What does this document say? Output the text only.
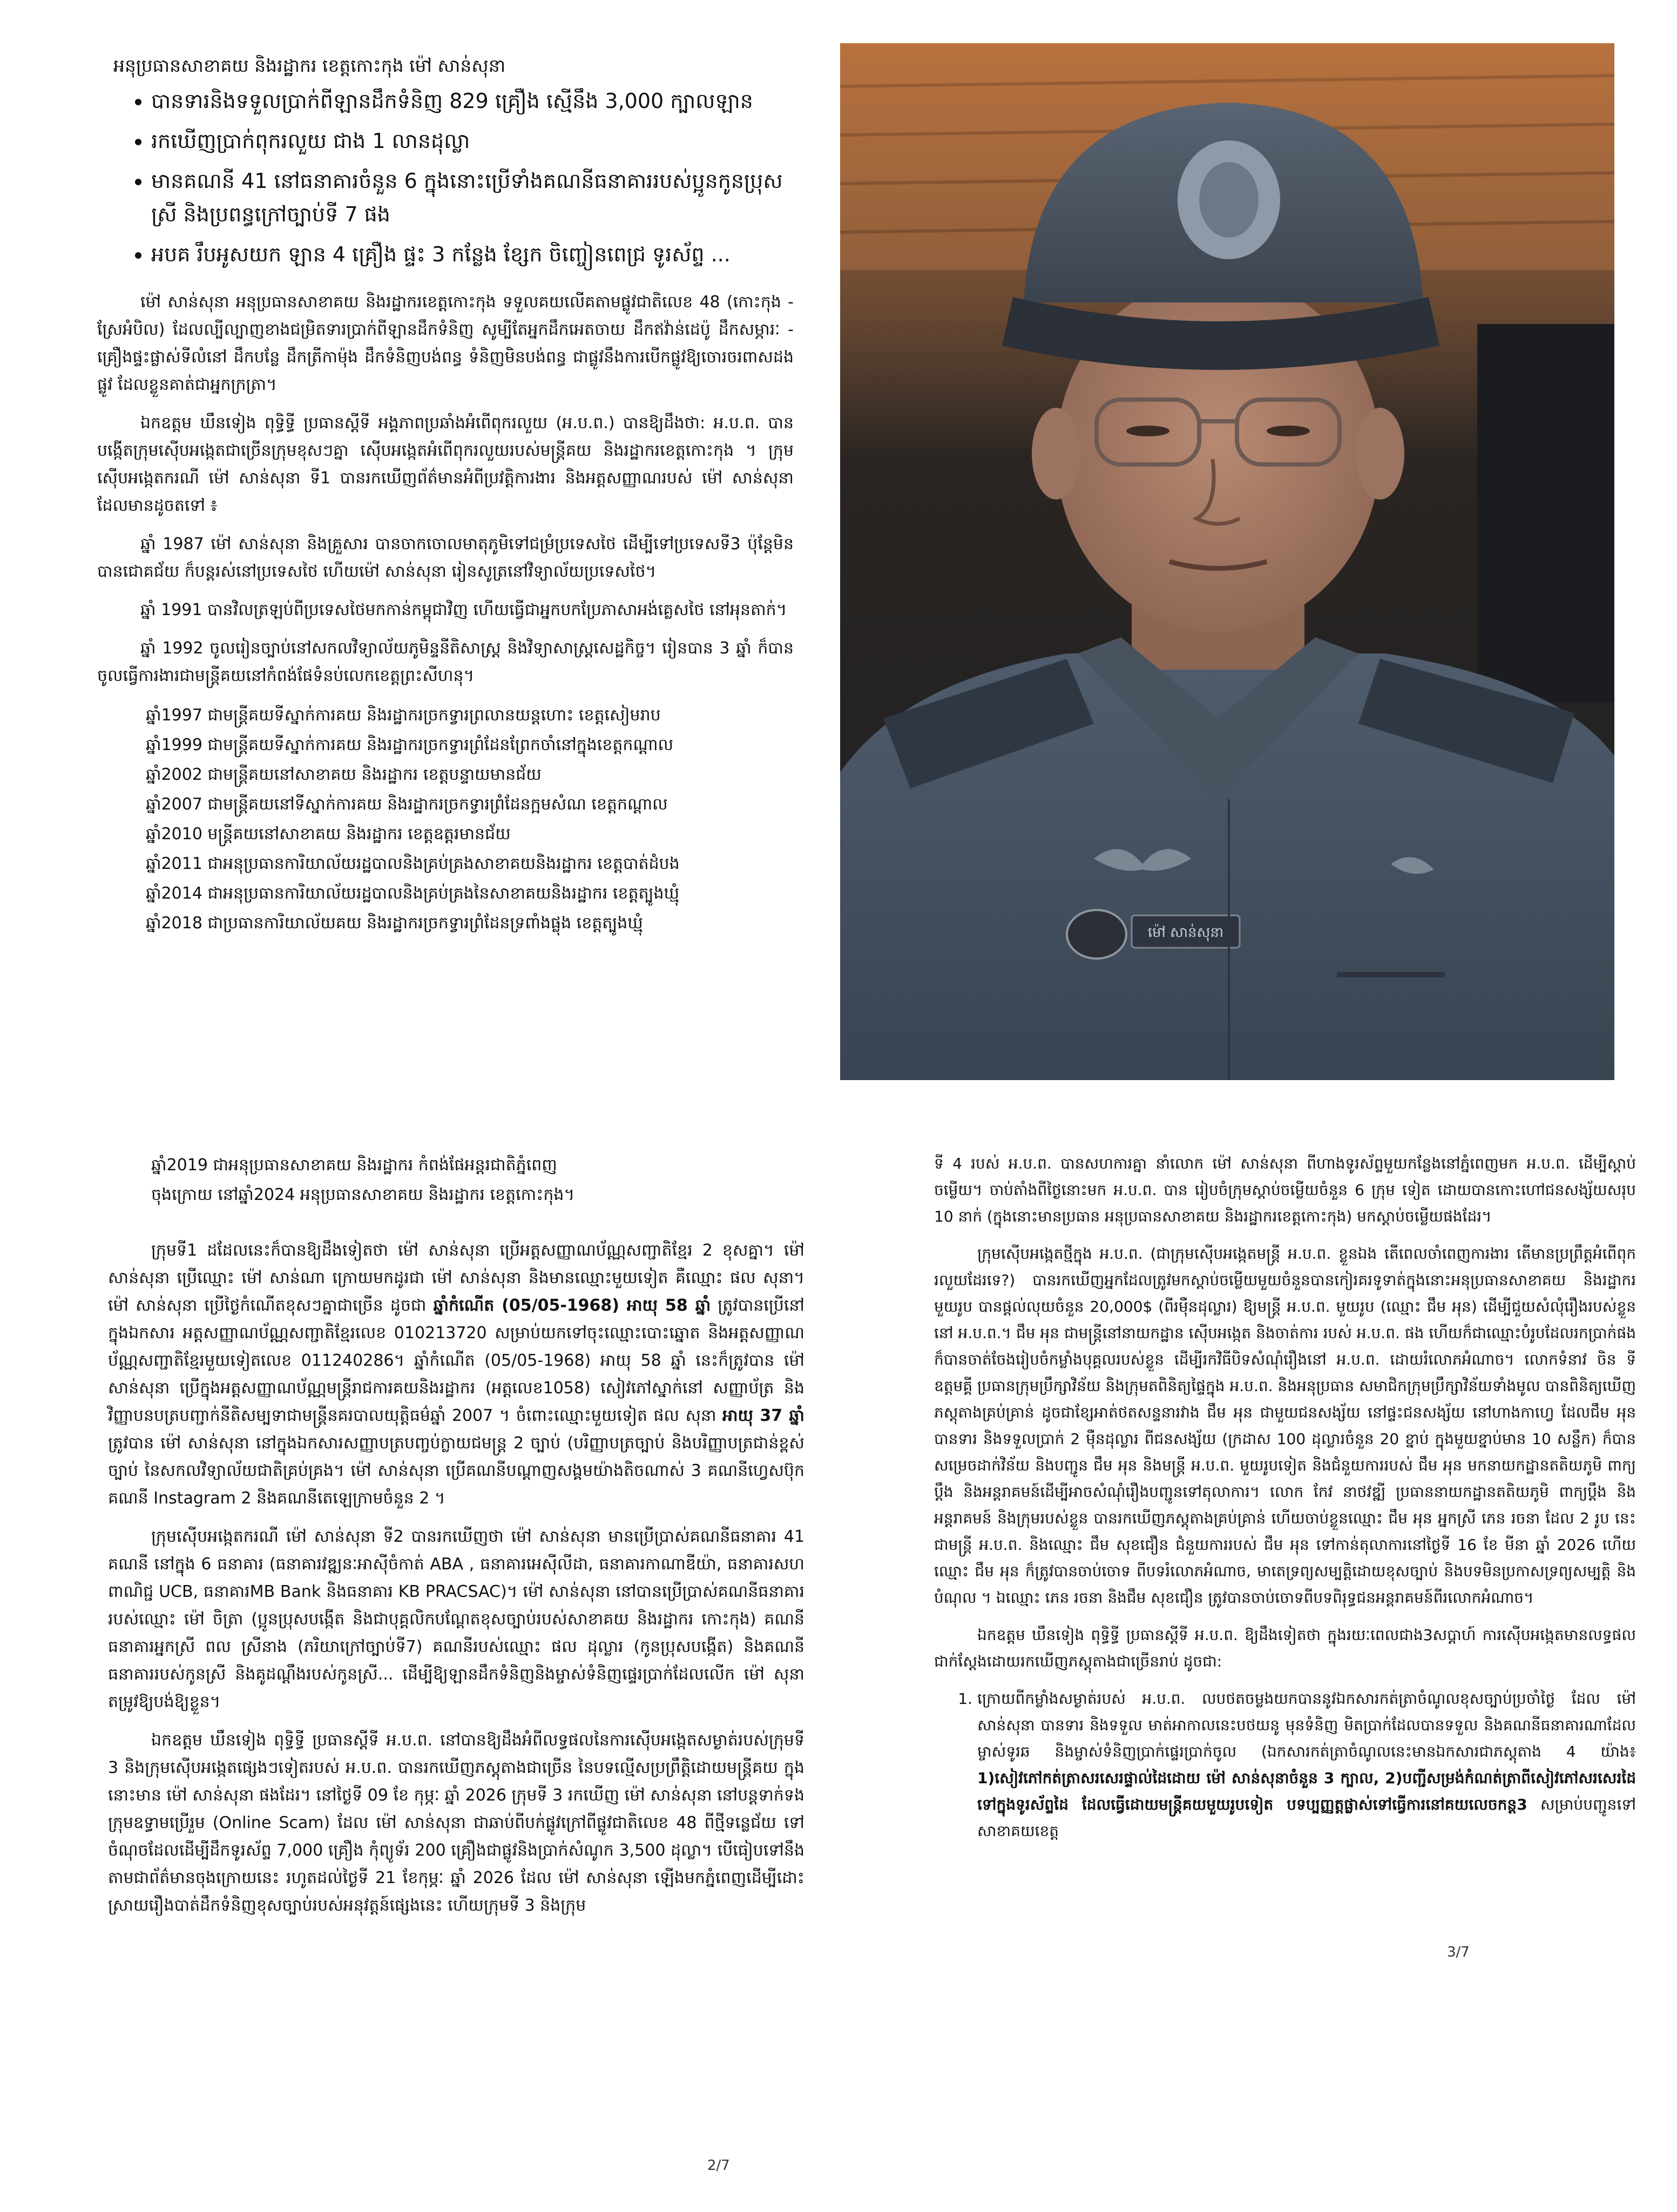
អនុប្រធានសាខាគយ និងរដ្ឋាករ ខេត្តកោះកុង ម៉ៅ សាន់សុនា
• បានទារនិងទទួលប្រាក់ពីឡានដឹកទំនិញ 829 គ្រឿង ស្មើនឹង 3,000 ក្បាលឡាន
• រកឃើញប្រាក់ពុករលួយ ជាង 1 លានដុល្លា
• មានគណនី 41 នៅធនាគារចំនួន 6 ក្នុងនោះប្រើទាំងគណនីធនាគាររបស់ប្អូនកូនប្រុសស្រី និងប្រពន្ធក្រៅច្បាប់ទី 7 ផង
• អបគ រឹបអូសយក ឡាន 4 គ្រឿង ផ្ទះ 3 កន្លែង ខ្សែក ចិញ្ចៀនពេជ្រ ទូរស័ព្ទ ...

ម៉ៅ សាន់សុនា អនុប្រធានសាខាគយ និងរដ្ឋាករខេត្តកោះកុង ទទួលគយលើគតាមផ្លូវជាតិលេខ 48 (កោះកុង - ស្រែអំបិល) ដែលល្បីល្បាញខាងជម្រិតទារប្រាក់ពីឡានដឹកទំនិញ សូម្បីតែអ្នកដឹកអេតចាយ ដឹកឥវ៉ាន់ដេប៉ូ ដឹកសម្ភារៈ - គ្រឿងផ្ទះផ្លាស់ទីលំនៅ ដឹកបន្លែ ដឹកត្រីកាម៉ុង ដឹកទំនិញបង់ពន្ធ ទំនិញមិនបង់ពន្ធ ជាផ្លូវនឹងការបើកផ្លូវឱ្យចោរចរពាសដងផ្លូវ ដែលខ្លួនគាត់ជាអ្នកក្រត្រា។

ឯកឧត្តម ឃឹនទៀង ពុទ្ធិទ្ធី ប្រធានស្ដីទី អង្គភាពប្រឆាំងអំពើពុករលួយ (អ.ប.ព.) បានឱ្យដឹងថា: អ.ប.ព. បានបង្កើតក្រុមស៊ើបអង្កេតជាច្រើនក្រុមខុសៗគ្នា ស៊ើបអង្កេតអំពើពុករលួយរបស់មន្ត្រីគយ និងរដ្ឋាករខេត្តកោះកុង ។ ក្រុមស៊ើបអង្កេតករណី ម៉ៅ សាន់សុនា ទី1 បានរកឃើញព័ត៌មានអំពីប្រវត្តិការងារ និងអត្តសញ្ញាណរបស់ ម៉ៅ សាន់សុនា ដែលមានដូចតទៅ ៖

ឆ្នាំ 1987 ម៉ៅ សាន់សុនា និងគ្រួសារ បានចាកចោលមាតុភូមិទៅជម្រំប្រទេសថៃ ដើម្បីទៅប្រទេសទី3 ប៉ុន្តែមិនបានជោគជ័យ ក៏បន្តរស់នៅប្រទេសថៃ ហើយម៉ៅ សាន់សុនា រៀនសូត្រនៅវិទ្យាល័យប្រទេសថៃ។

ឆ្នាំ 1991 បានវិលត្រឡប់ពីប្រទេសថៃមកកាន់កម្ពុជាវិញ ហើយធ្វើជាអ្នកបកប្រែភាសាអង់គ្លេសថៃ នៅអុនតាក់។

ឆ្នាំ 1992 ចូលរៀនច្បាប់នៅសកលវិទ្យាល័យភូមិន្ទនីតិសាស្ត្រ និងវិទ្យាសាស្ត្រសេដ្ឋកិច្ច។ រៀនបាន 3 ឆ្នាំ ក៏បានចូលធ្វើការងារជាមន្ត្រីគយនៅកំពង់ផែទំនប់លេកខេត្តព្រះសីហនុ។

ឆ្នាំ1997 ជាមន្ត្រីគយទីស្នាក់ការគយ និងរដ្ឋាករច្រកទ្វារព្រលានយន្តហោះ ខេត្តសៀមរាប
ឆ្នាំ1999 ជាមន្ត្រីគយទីស្នាក់ការគយ និងរដ្ឋាករច្រកទ្វារព្រំដែនព្រែកចាំនៅក្នុងខេត្តកណ្ដាល
ឆ្នាំ2002 ជាមន្ត្រីគយនៅសាខាគយ និងរដ្ឋាករ ខេត្តបន្ទាយមានជ័យ
ឆ្នាំ2007 ជាមន្ត្រីគយនៅទីស្នាក់ការគយ និងរដ្ឋាករច្រកទ្វារព្រំដែនក្អមសំណ ខេត្តកណ្ដាល
ឆ្នាំ2010 មន្ត្រីគយនៅសាខាគយ និងរដ្ឋាករ ខេត្តឧត្ដរមានជ័យ
ឆ្នាំ2011 ជាអនុប្រធានការិយាល័យរដ្ឋបាលនិងគ្រប់គ្រងសាខាគយនិងរដ្ឋាករ ខេត្តបាត់ដំបង
ឆ្នាំ2014 ជាអនុប្រធានការិយាល័យរដ្ឋបាលនិងគ្រប់គ្រងនៃសាខាគយនិងរដ្ឋាករ ខេត្តត្បូងឃ្មុំ
ឆ្នាំ2018 ជាប្រធានការិយាល័យគយ និងរដ្ឋាករច្រកទ្វារព្រំដែនទ្រពាំងផ្លុង ខេត្តត្បូងឃ្មុំ	ម៉ៅ សាន់សុនា
ឆ្នាំ2019 ជាអនុប្រធានសាខាគយ និងរដ្ឋាករ កំពង់ផែអន្តរជាតិភ្នំពេញ
ចុងក្រោយ នៅឆ្នាំ2024 អនុប្រធានសាខាគយ និងរដ្ឋាករ ខេត្តកោះកុង។

ក្រុមទី1 ដដែលនេះក៏បានឱ្យដឹងទៀតថា ម៉ៅ សាន់សុនា ប្រើអត្តសញ្ញាណប័ណ្ណសញ្ជាតិខ្មែរ 2 ខុសគ្នា។ ម៉ៅ សាន់សុនា ប្រើឈ្មោះ ម៉ៅ សាន់ណា ក្រោយមកដូរជា ម៉ៅ សាន់សុនា និងមានឈ្មោះមួយទៀត គឺឈ្មោះ ផល សុនា។ ម៉ៅ សាន់សុនា ប្រើថ្ងៃកំណើតខុសៗគ្នាជាច្រើន ដូចជា ឆ្នាំកំណើត (05/05-1968) អាយុ 58 ឆ្នាំ ត្រូវបានប្រើនៅក្នុងឯកសារ អត្តសញ្ញាណប័ណ្ណសញ្ជាតិខ្មែរលេខ 010213720 សម្រាប់យកទៅចុះឈ្មោះបោះឆ្នោត និងអត្តសញ្ញាណប័ណ្ណសញ្ជាតិខ្មែរមួយទៀតលេខ 011240286។ ឆ្នាំកំណើត (05/05-1968) អាយុ 58 ឆ្នាំ នេះក៏ត្រូវបាន ម៉ៅ សាន់សុនា ប្រើក្នុងអត្តសញ្ញាណប័ណ្ណមន្ត្រីរាជការគយនិងរដ្ឋាករ (អត្តលេខ1058) សៀវភៅស្នាក់នៅ សញ្ញាប័ត្រ និងវិញ្ញាបនបត្របញ្ជាក់នីតិសម្បទាជាមន្ត្រីនគរបាលយុត្តិធម៌ឆ្នាំ 2007 ។ ចំពោះឈ្មោះមួយទៀត ផល សុនា អាយុ 37 ឆ្នាំ ត្រូវបាន ម៉ៅ សាន់សុនា នៅក្នុងឯកសារសញ្ញាបត្របញ្ចប់ក្លាយជមន្ត្រ 2 ច្បាប់ (បរិញ្ញាបត្រច្បាប់ និងបរិញ្ញាបត្រជាន់ខ្ពស់ច្បាប់ នៃសកលវិទ្យាល័យជាតិគ្រប់គ្រង។ ម៉ៅ សាន់សុនា ប្រើគណនីបណ្ដាញសង្គមយ៉ាងតិចណាស់ 3 គណនីហ្វេសប៊ុក គណនី Instagram 2 និងគណនីតេឡេក្រាមចំនួន 2 ។

ក្រុមស៊ើបអង្កេតករណី ម៉ៅ សាន់សុនា ទី2 បានរកឃើញថា ម៉ៅ សាន់សុនា មានប្រើប្រាស់គណនីធនាគារ 41 គណនី នៅក្នុង 6 ធនាគារ (ធនាគារវឌ្ឍនៈអាស៊ីចំកាត់ ABA , ធនាគារអេស៊ីលីដា, ធនាគារកាណាឌីយ៉ា, ធនាគារសហពាណិជ្ជ UCB, ធនាគារMB Bank និងធនាគារ KB PRACSAC)។ ម៉ៅ សាន់សុនា នៅបានប្រើប្រាស់គណនីធនាគាររបស់ឈ្មោះ ម៉ៅ ចិត្រា (ប្អូនប្រុសបង្កើត និងជាបុគ្គលិកបណ្ដែតខុសច្បាប់របស់សាខាគយ និងរដ្ឋាករ កោះកុង) គណនីធនាគារអ្នកស្រី ពល ស្រីនាង (ភរិយាក្រៅច្បាប់ទី7) គណនីរបស់ឈ្មោះ ផល ដុល្លារ (កូនប្រុសបង្កើត) និងគណនីធនាគាររបស់កូនស្រី និងគូដណ្ដឹងរបស់កូនស្រី... ដើម្បីឱ្យឡានដឹកទំនិញនិងម្ចាស់ទំនិញផ្ទេរប្រាក់ដែលលើក ម៉ៅ សុនា តម្រូវឱ្យបង់ឱ្យខ្លួន។

ឯកឧត្តម ឃឹនទៀង ពុទ្ធិទ្ធី ប្រធានស្ដីទី អ.ប.ព. នៅបានឱ្យដឹងអំពីលទ្ធផលនៃការស៊ើបអង្កេតសម្ងាត់របស់ក្រុមទី 3 និងក្រុមស៊ើបអង្កេតផ្សេងៗទៀតរបស់ អ.ប.ព. បានរកឃើញភស្តុតាងជាច្រើន នៃបទល្មើសប្រព្រឹត្តិដោយមន្ត្រីគយ ក្នុងនោះមាន ម៉ៅ សាន់សុនា ផងដែរ។ នៅថ្ងៃទី 09 ខែ កុម្ភៈ ឆ្នាំ 2026 ក្រុមទី 3 រកឃើញ ម៉ៅ សាន់សុនា នៅបន្តទាក់ទងក្រុមឧទ្ធាមប្រើរួម (Online Scam) ដែល ម៉ៅ សាន់សុនា ជាឆាប់ពីបក់ផ្លូវក្រៅពីផ្លូវជាតិលេខ 48 ពីថ្មីទន្លេជ័យ ទៅចំណុចដែលដើម្បីដឹកទូរស័ព្ទ 7,000 គ្រឿង កុំព្យូទ័រ 200 គ្រឿងជាផ្លូវនិងប្រាក់សំណូក 3,500 ដុល្លា។ បើធៀបទៅនឹងតាមជាព័ត៌មានចុងក្រោយនេះ រហូតដល់ថ្ងៃទី 21 ខែកុម្ភៈ ឆ្នាំ 2026 ដែល ម៉ៅ សាន់សុនា ឡើងមកភ្នំពេញដើម្បីដោះស្រាយរឿងបាត់ដឹកទំនិញខុសច្បាប់របស់អនុវត្តន៍ផ្សេងនេះ ហើយក្រុមទី 3 និងក្រុម

2/7

ទី 4 របស់ អ.ប.ព. បានសហការគ្នា នាំលោក ម៉ៅ សាន់សុនា ពីហាងទូរស័ព្ទមួយកន្លែងនៅភ្នំពេញមក អ.ប.ព. ដើម្បីស្ដាប់ចម្លើយ។ ចាប់តាំងពីថ្ងៃនោះមក អ.ប.ព. បាន រៀបចំក្រុមស្ដាប់ចម្លើយចំនួន 6 ក្រុម ទៀត ដោយបានកោះហៅជនសង្ស័យសរុប 10 នាក់ (ក្នុងនោះមានប្រធាន អនុប្រធានសាខាគយ និងរដ្ឋាករខេត្តកោះកុង) មកស្ដាប់ចម្លើយផងដែរ។

ក្រុមស៊ើបអង្កេតថ្មីក្នុង អ.ប.ព. (ជាក្រុមស៊ើបអង្កេតមន្ត្រី អ.ប.ព. ខ្លួនឯង តើពេលចាំពេញការងារ តើមានប្រព្រឹត្តអំពើពុករលួយដែរទេ?) បានរកឃើញអ្នកដែលត្រូវមកស្ដាប់ចម្លើយមួយចំនួនបានកៀរគរទូទាត់ក្នុងនោះអនុប្រធានសាខាគយ និងរដ្ឋាករ មួយរូប បានផ្តល់លុយចំនួន 20,000$ (ពីរម៉ឺនដុល្លារ) ឱ្យមន្ត្រី អ.ប.ព. មួយរូប (ឈ្មោះ ជឹម អុន) ដើម្បីជួយសំលុំរឿងរបស់ខ្លួននៅ អ.ប.ព.។ ជឹម អុន ជាមន្ត្រីនៅនាយកដ្ឋាន ស៊ើបអង្កេត និងចាត់ការ របស់ អ.ប.ព. ផង ហើយក៏ជាឈ្មោះបំរូបដែលរកប្រាក់ផង ក៏បានចាត់ចែងរៀបចំកម្លាំងបុគ្គលរបស់ខ្លួន ដើម្បីរកវិធីបិទសំណុំរឿងនៅ អ.ប.ព. ដោយរំលោភអំណាច។ លោកទំនាវ ចិន ទីឧត្តមគ្គី ប្រធានក្រុមប្រឹក្សាវិន័យ និងក្រុមតពិនិត្យផ្ទៃក្នុង អ.ប.ព. និងអនុប្រធាន សមាជិកក្រុមប្រឹក្សាវិន័យទាំងមូល បានពិនិត្យឃើញភស្តុតាងគ្រប់គ្រាន់ ដូចជាខ្សែអាត់ថតសន្ទនារវាង ជឹម អុន ជាមួយជនសង្ស័យ នៅផ្ទះជនសង្ស័យ នៅហាងកាហ្វេ ដែលជឹម អុនបានទារ និងទទួលប្រាក់ 2 ម៉ឺនដុល្លារ ពីជនសង្ស័យ (ក្រដាស 100 ដុល្លារចំនួន 20 ខ្នាប់ ក្នុងមួយខ្នាប់មាន 10 សន្លឹក) ក៏បានសម្រេចដាក់វិន័យ និងបញ្ជូន ជឹម អុន និងមន្ត្រី អ.ប.ព. មួយរូបទៀត និងជំនួយការរបស់ ជឹម អុន មកនាយកដ្ឋានតតិយភូមិ ពាក្យប្ដឹង និងអន្តរាគមន៍ដើម្បីអាចសំណុំរឿងបញ្ជូនទៅតុលាការ។ លោក កែវ នាថវឌ្ឍី ប្រធាននាយកដ្ឋានតតិយភូមិ ពាក្យប្ដឹង និងអន្តរាគមន៍ និងក្រុមរបស់ខ្លួន បានរកឃើញភស្តុតាងគ្រប់គ្រាន់ ហើយចាប់ខ្លួនឈ្មោះ ជឹម អុន អ្នកស្រី ភេន រចនា ដែល 2 រូប នេះជាមន្ត្រី អ.ប.ព. និងឈ្មោះ ជឹម សុខជឿន ជំនួយការរបស់ ជឹម អុន ទៅកាន់តុលាការនៅថ្ងៃទី 16 ខែ មីនា ឆ្នាំ 2026 ហើយ ឈ្មោះ ជឹម អុន ក៏ត្រូវបានចាប់ចោទ ពីបទរំលោភអំណាច, មាតេទ្រព្យសម្បត្តិដោយខុសច្បាប់ និងបទមិនប្រកាសទ្រព្យសម្បត្តិ និងបំណុល ។ ឯឈ្មោះ ភេន រចនា និងជឹម សុខជឿន ត្រូវបានចាប់ចោទពីបទពិរុទ្ធជនអន្តរាគមន៍ពីរលោកអំណាច។

ឯកឧត្តម ឃឹនទៀង ពុទ្ធិទ្ធី ប្រធានស្ដីទី អ.ប.ព. ឱ្យដឹងទៀតថា ក្នុងរយៈពេលជាង3សប្ដាហ៍ ការស៊ើបអង្កេតមានលទ្ធផលជាក់ស្ដែងដោយរកឃើញភស្តុតាងជាច្រើនរាប់ ដូចជា:

1. ក្រោយពីកម្លាំងសម្ងាត់របស់ អ.ប.ព. លបថតចម្លងយកបាននូវឯកសារកត់ត្រាចំណូលខុសច្បាប់ប្រចាំថ្ងៃ ដែល ម៉ៅ សាន់សុនា បានទារ និងទទួល មាត់អាកាលនេះបថយនូ មុនទំនិញ មិតប្រាក់ដែលបានទទួល និងគណនីធនាគារណាដែលម្ចាស់ទូរឆ និងម្ចាស់ទំនិញប្រាក់ផ្ទេរប្រាក់ចូល (ឯកសារកត់ត្រាចំណូលនេះមានឯកសារជាភស្តុតាង 4 យ៉ាង៖ 1)សៀវភៅកត់ត្រាសរសេរផ្ទាល់ដៃដោយ ម៉ៅ សាន់សុនាចំនួន 3 ក្បាល, 2)បញ្ជីសម្រង់កំណត់ត្រាពីសៀវភៅសរសេរដៃទៅក្នុងទូរស័ព្ទដៃ ដែលធ្វើដោយមន្ត្រីគយមួយរូបទៀត បទប្បញ្ញត្តផ្លាស់ទៅធ្វើការនៅគយលេចកន្ត3 សម្រាប់បញ្ជូនទៅសាខាគយខេត្ត
3/7
